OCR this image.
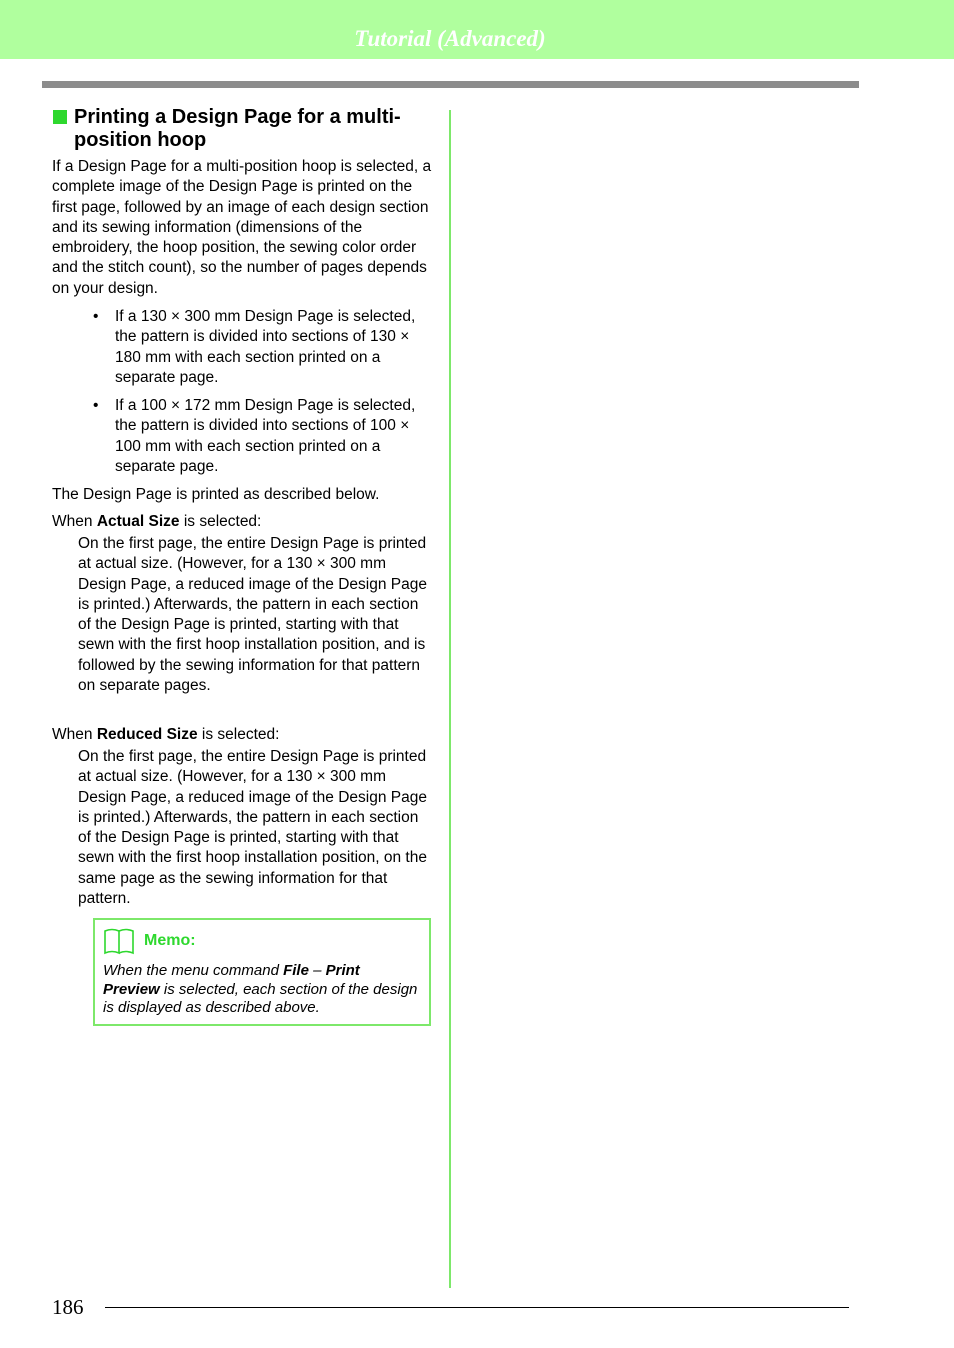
Tutorial (Advanced)
Printing a Design Page for a multi-position hoop

If a Design Page for a multi-position hoop is selected, a complete image of the Design Page is printed on the first page, followed by an image of each design section and its sewing information (dimensions of the embroidery, the hoop position, the sewing color order and the stitch count), so the number of pages depends on your design.

• If a 130 × 300 mm Design Page is selected, the pattern is divided into sections of 130 × 180 mm with each section printed on a separate page.
• If a 100 × 172 mm Design Page is selected, the pattern is divided into sections of 100 × 100 mm with each section printed on a separate page.

The Design Page is printed as described below.

When Actual Size is selected:

On the first page, the entire Design Page is printed at actual size. (However, for a 130 × 300 mm Design Page, a reduced image of the Design Page is printed.) Afterwards, the pattern in each section of the Design Page is printed, starting with that sewn with the first hoop installation position, and is followed by the sewing information for that pattern on separate pages.

When Reduced Size is selected:

On the first page, the entire Design Page is printed at actual size. (However, for a 130 × 300 mm Design Page, a reduced image of the Design Page is printed.) Afterwards, the pattern in each section of the Design Page is printed, starting with that sewn with the first hoop installation position, on the same page as the sewing information for that pattern.

Memo:
When the menu command File – Print Preview is selected, each section of the design is displayed as described above.
186
